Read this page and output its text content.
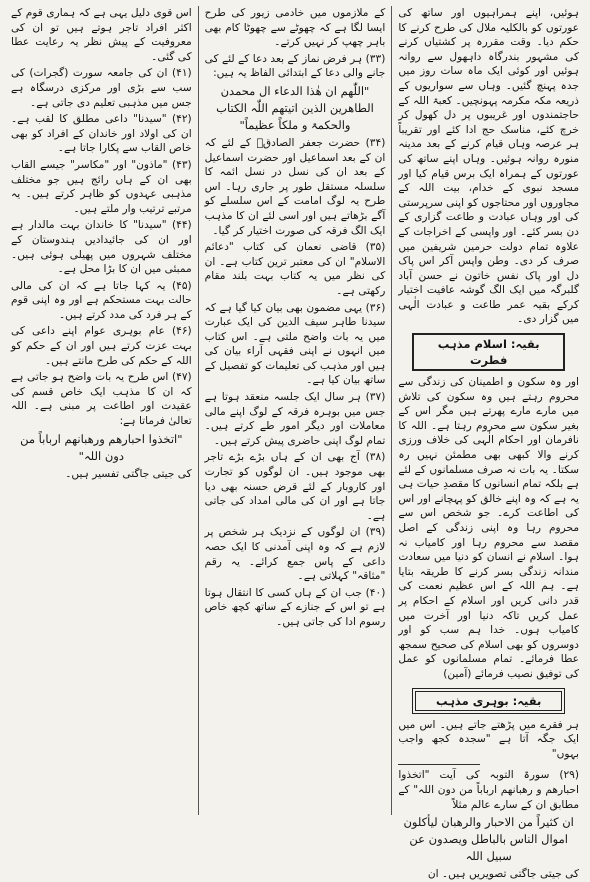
ہوئیں، اپنے ہمراہیوں اور ساتھ کی عورتوں کو بالکلیہ ملال کی طرح کرنے کا حکم دیا۔ وقت مقررہ پر کشتیاں کرنے کی مشہور بندرگاہ داہھول سے روانہ ہوئیں اور کوئی ایک ماہ سات روز میں جدہ پہنچ گئیں۔ وہاں سے سواریوں کے ذریعہ مکہ مکرمہ پہونچیں۔ کعبۃ اللہ کے حاجتمندوں اور غریبوں پر دل کھول کر خرچ کئے، مناسک حج ادا کئے اور تقریباً ہر عرصہ وہاں قیام کرنے کے بعد مدینہ منورہ روانہ ہوئیں۔ وہاں اپنے ساتھ کی عورتوں کے ہمراہ ایک برس قیام کیا اور مسجد نبوی کے خدام، بیت اللہ کے مجاوروں اور محتاجوں کو اپنی سرپرستی کی اور وہاں عبادت و طاعت گزاری کے دن بسر کئے۔ اور واپسی کے اخراجات کے علاوہ تمام دولت حرمین شریفین میں صرف کر دی۔ وطن واپس آکر اس پاک دل اور پاک نفس خاتون نے حسن آباد گلبرگہ میں ایک الگ گوشہ عافیت اختیار کرکے بقیہ عمر طاعت و عبادت الٰہی میں گزار دی۔

بقیہ: اسلام مذہب فطرت

اور وہ سکون و اطمینان کی زندگی سے محروم رہتے ہیں وہ سکون کی تلاش میں مارے مارے پھرتے ہیں مگر اس کے بغیر سکون سے محروم رہتا ہے۔ اللہ کا نافرمان اور احکام الٰہی کی خلاف ورزی کرنے والا کبھی بھی مطمئن نہیں رہ سکتا۔ یہ بات نہ صرف مسلمانوں کے لئے ہے بلکہ تمام انسانوں کا مقصدِ حیات ہی یہ ہے کہ وہ اپنے خالق کو پہچانے اور اس کی اطاعت کرے۔ جو شخص اس سے محروم رہا وہ اپنی زندگی کے اصل مقصد سے محروم رہا اور کامیاب نہ ہوا۔ اسلام نے انسان کو دنیا میں سعادت مندانہ زندگی بسر کرنے کا طریقہ بتایا ہے۔ ہم اللہ کے اس عظیم نعمت کی قدر دانی کریں اور اسلام کے احکام پر عمل کریں تاکہ دنیا اور آخرت میں کامیاب ہوں۔ خدا ہم سب کو اور دوسروں کو بھی اسلام کی صحیح سمجھ عطا فرمائے۔ تمام مسلمانوں کو عمل کی توفیق نصیب فرمائے (آمین)

بقیہ: بوہری مذہب

ہر فقرے میں پڑھتے جاتے ہیں۔ اس میں ایک جگہ آتا ہے "سجدہ کجھ واجب بہوں"

(۲۹) سورۃ التوبہ کی آیت "اتخذوا احبارھم و رھبانھم ارباباً من دون اللہ" کے مطابق ان کے سارے عالم مثلاً

ان کثیراً من الاحبار والرھبان لیأکلون اموال الناس بالباطل ویصدون عن سبیل اللہ

کی جیتی جاگتی تصویریں ہیں۔ ان

کے ملازموں میں خادمی زیور کی طرح ایسا لگا ہے کہ چھوٹے سے چھوٹا کام بھی باہر چھپ کر نہیں کرتے۔

(۳۳) ہر فرض نماز کے بعد دعا کے لئے کی جانے والی دعا کے ابتدائی الفاظ یہ ہیں:

"اللّٰھم ان ھٰذا الدعاء ال محمدن الطاھرین الذین اتیتھم اللّٰہ الکتاب والحکمۃ و ملکاً عظیماً"

(۳۴) حضرت جعفر الصادقؓ کے لئے کہ ان کے بعد اسماعیل اور حضرت اسماعیل کے بعد ان کی نسل در نسل ائمہ کا سلسلہ مستقل طور پر جاری رہا۔ اس طرح یہ لوگ امامت کے اس سلسلے کو آگے بڑھاتے ہیں اور اسی لئے ان کا مذہب ایک الگ فرقہ کی صورت اختیار کر گیا۔

(۳۵) قاضی نعمان کی کتاب "دعائم الاسلام" ان کی معتبر ترین کتاب ہے۔ ان کی نظر میں یہ کتاب بہت بلند مقام رکھتی ہے۔

(۳۶) یہی مضمون بھی بیان کیا گیا ہے کہ سیدنا طاہر سیف الدین کی ایک عبارت میں یہ بات واضح ملتی ہے۔ اس کتاب میں انہوں نے اپنی فقہی آراء بیان کی ہیں اور مذہب کی تعلیمات کو تفصیل کے ساتھ بیان کیا ہے۔

(۳۷) ہر سال ایک جلسہ منعقد ہوتا ہے جس میں بوہرہ فرقہ کے لوگ اپنے مالی معاملات اور دیگر امور طے کرتے ہیں۔ تمام لوگ اپنی حاضری پیش کرتے ہیں۔

(۳۸) آج بھی ان کے ہاں بڑے بڑے تاجر بھی موجود ہیں۔ ان لوگوں کو تجارت اور کاروبار کے لئے قرض حسنہ بھی دیا جاتا ہے اور ان کی مالی امداد کی جاتی ہے۔

(۳۹) ان لوگوں کے نزدیک ہر شخص پر لازم ہے کہ وہ اپنی آمدنی کا ایک حصہ داعی کے پاس جمع کرائے۔ یہ رقم "مثاقہ" کہلاتی ہے۔

(۴۰) جب ان کے ہاں کسی کا انتقال ہوتا ہے تو اس کے جنازے کے ساتھ کچھ خاص رسوم ادا کی جاتی ہیں۔

اس قوی دلیل یہی ہے کہ ہماری قوم کے اکثر افراد تاجر ہوتے ہیں تو ان کی معروفیت کے پیش نظر یہ رعایت عطا کی گئی۔

(۴۱) ان کی جامعہ سورت (گجرات) کی سب سے بڑی اور مرکزی درسگاہ ہے جس میں مذہبی تعلیم دی جاتی ہے۔

(۴۲) "سیدنا" داعی مطلق کا لقب ہے۔ ان کی اولاد اور خاندان کے افراد کو بھی خاص القاب سے پکارا جاتا ہے۔

(۴۳) "ماذون" اور "مکاسر" جیسے القاب بھی ان کے ہاں رائج ہیں جو مختلف مذہبی عہدوں کو ظاہر کرتے ہیں۔ یہ مرتبے ترتیب وار ملتے ہیں۔

(۴۴) "سیدنا" کا خاندان بہت مالدار ہے اور ان کی جائیدادیں ہندوستان کے مختلف شہروں میں پھیلی ہوئی ہیں۔ ممبئی میں ان کا بڑا محل ہے۔

(۴۵) یہ کہا جاتا ہے کہ ان کی مالی حالت بہت مستحکم ہے اور وہ اپنی قوم کے ہر فرد کی مدد کرتے ہیں۔

(۴۶) عام بوہری عوام اپنے داعی کی بہت عزت کرتے ہیں اور ان کے حکم کو اللہ کے حکم کی طرح مانتے ہیں۔

(۴۷) اس طرح یہ بات واضح ہو جاتی ہے کہ ان کا مذہب ایک خاص قسم کی عقیدت اور اطاعت پر مبنی ہے۔ اللہ تعالیٰ فرماتا ہے:

"اتخذوا احبارھم ورھبانھم ارباباً من دون اللہ"

کی جیتی جاگتی تفسیر ہیں۔
